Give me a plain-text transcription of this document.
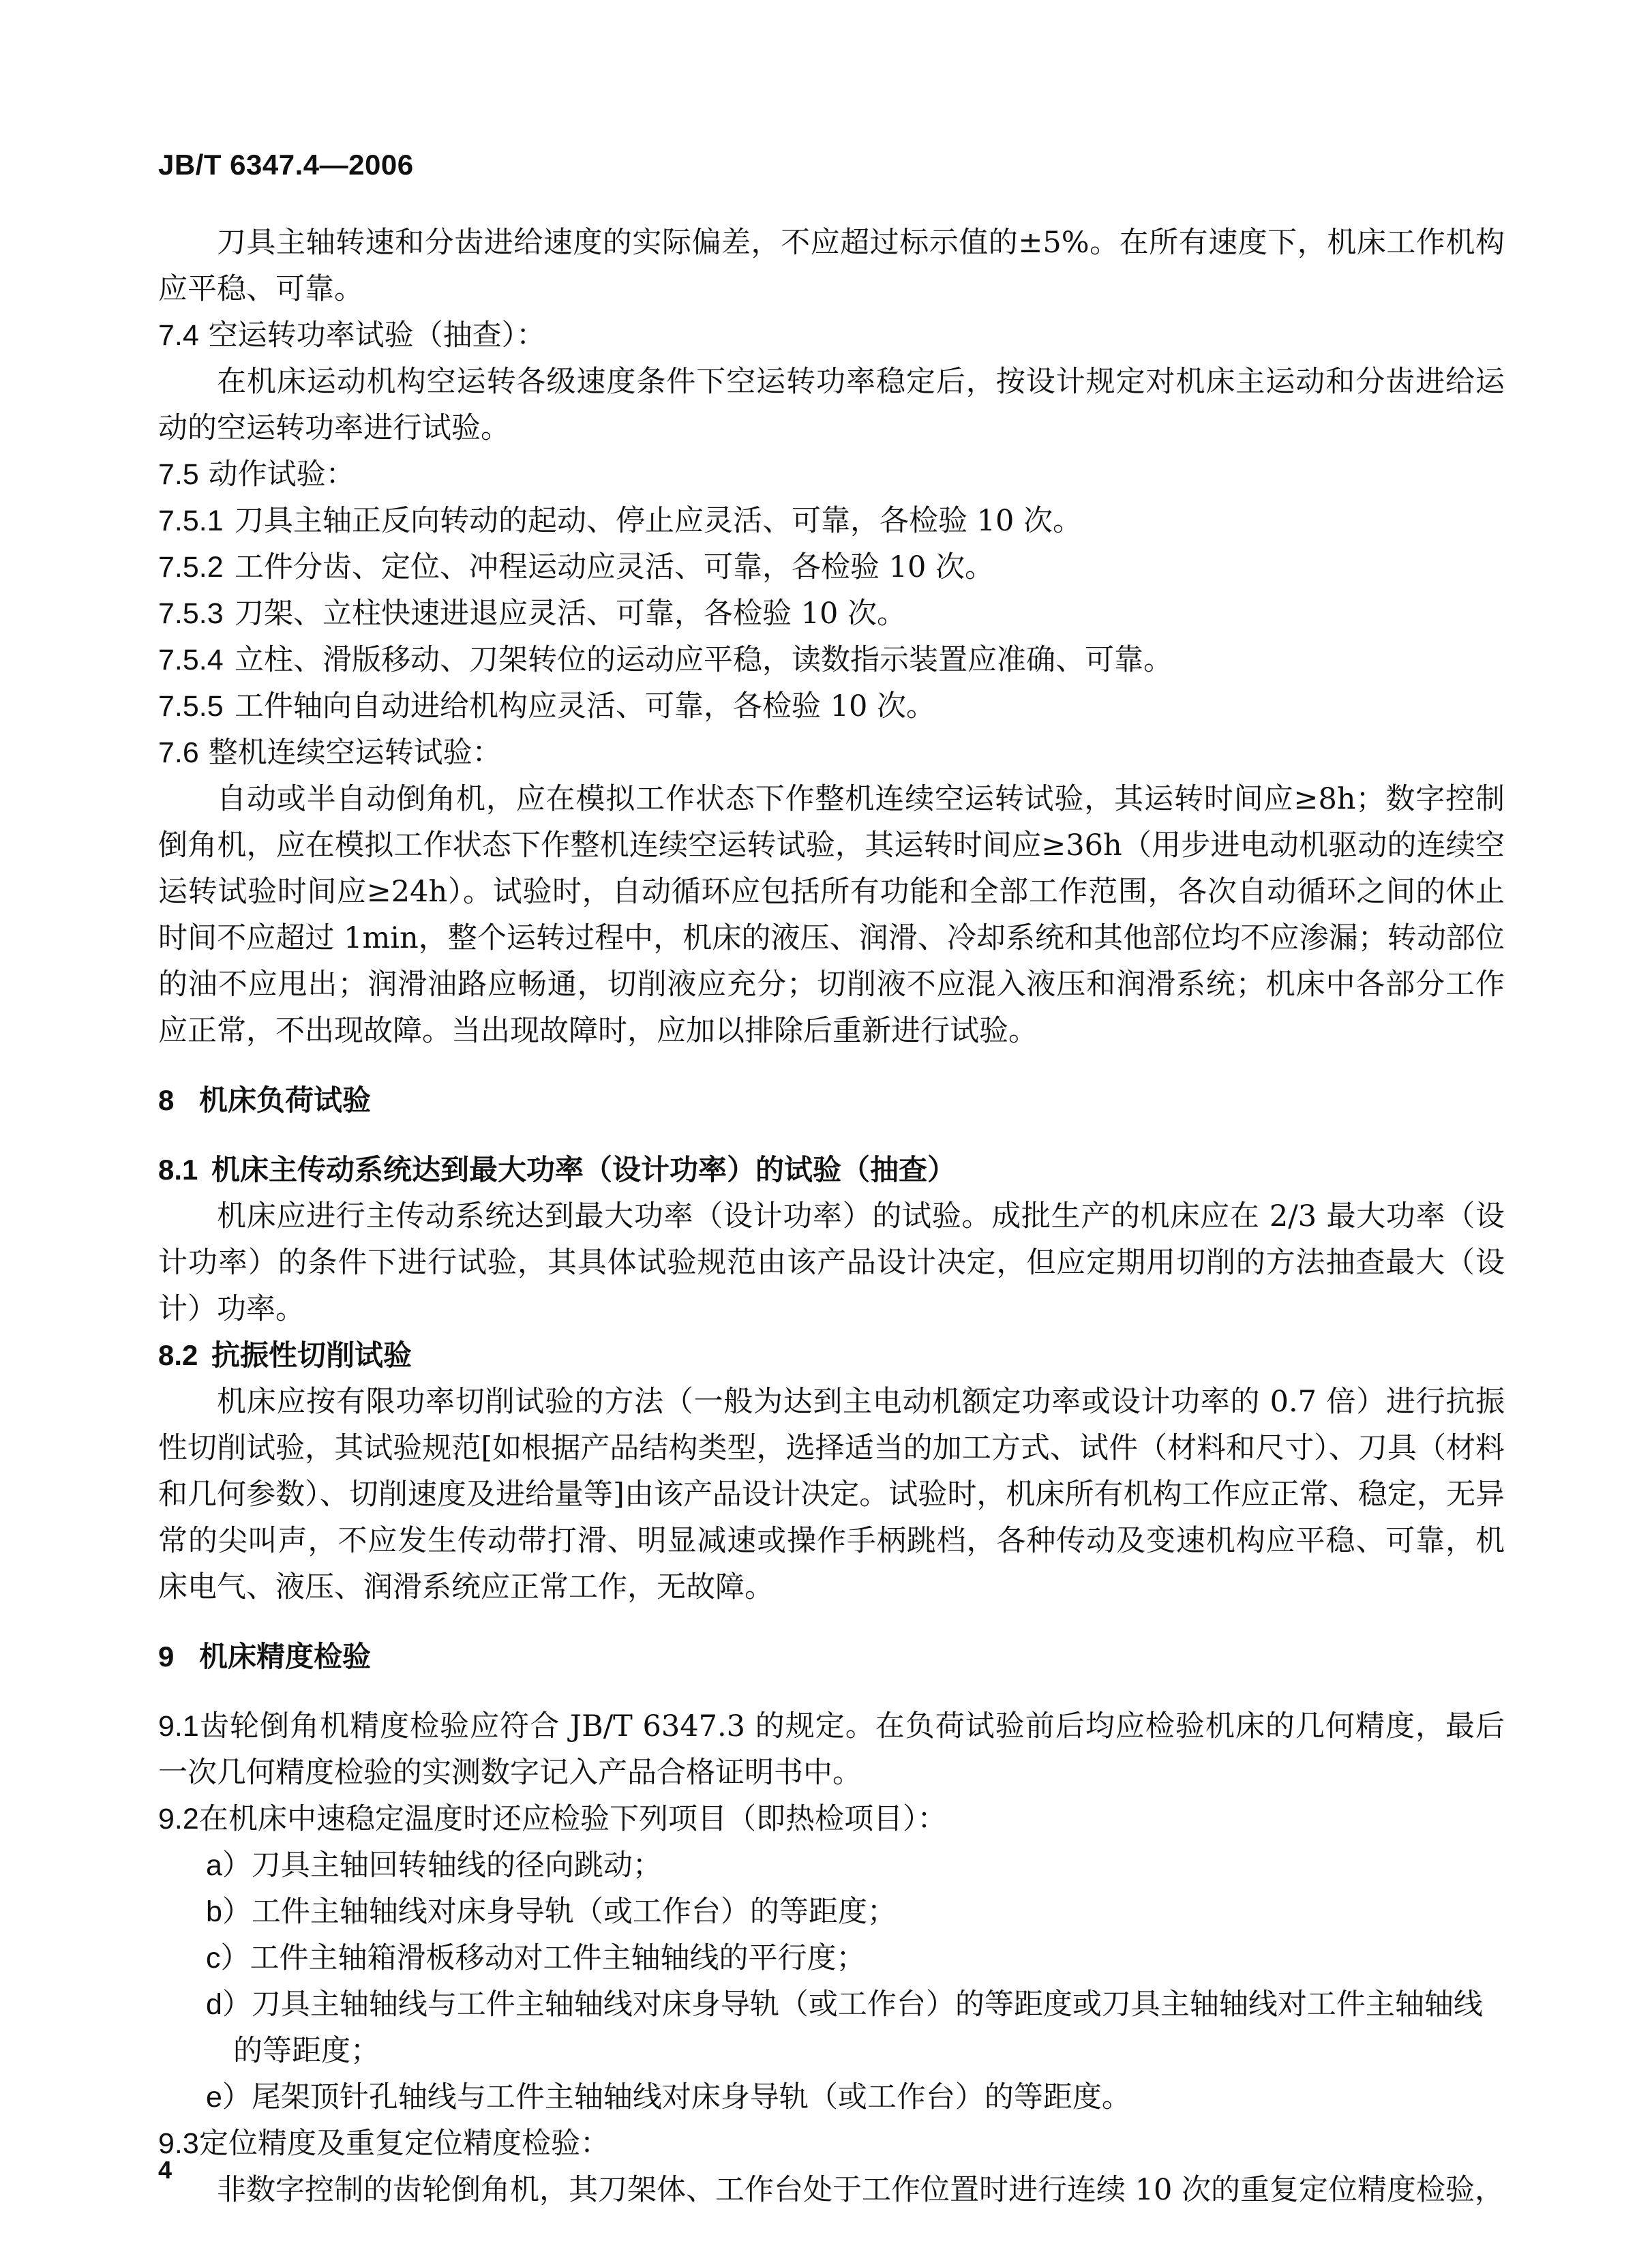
JB/T 6347.4—2006

刀具主轴转速和分齿进给速度的实际偏差，不应超过标示值的±5%。在所有速度下，机床工作机构应平稳、可靠。

7.4 空运转功率试验（抽查）：

在机床运动机构空运转各级速度条件下空运转功率稳定后，按设计规定对机床主运动和分齿进给运动的空运转功率进行试验。

7.5 动作试验：

7.5.1 刀具主轴正反向转动的起动、停止应灵活、可靠，各检验 10 次。

7.5.2 工件分齿、定位、冲程运动应灵活、可靠，各检验 10 次。

7.5.3 刀架、立柱快速进退应灵活、可靠，各检验 10 次。

7.5.4 立柱、滑版移动、刀架转位的运动应平稳，读数指示装置应准确、可靠。

7.5.5 工件轴向自动进给机构应灵活、可靠，各检验 10 次。

7.6 整机连续空运转试验：

自动或半自动倒角机，应在模拟工作状态下作整机连续空运转试验，其运转时间应≥8h；数字控制倒角机，应在模拟工作状态下作整机连续空运转试验，其运转时间应≥36h（用步进电动机驱动的连续空运转试验时间应≥24h）。试验时，自动循环应包括所有功能和全部工作范围，各次自动循环之间的休止时间不应超过 1min，整个运转过程中，机床的液压、润滑、冷却系统和其他部位均不应渗漏；转动部位的油不应甩出；润滑油路应畅通，切削液应充分；切削液不应混入液压和润滑系统；机床中各部分工作应正常，不出现故障。当出现故障时，应加以排除后重新进行试验。

8 机床负荷试验

8.1 机床主传动系统达到最大功率（设计功率）的试验（抽查）

机床应进行主传动系统达到最大功率（设计功率）的试验。成批生产的机床应在 2/3 最大功率（设计功率）的条件下进行试验，其具体试验规范由该产品设计决定，但应定期用切削的方法抽查最大（设计）功率。

8.2 抗振性切削试验

机床应按有限功率切削试验的方法（一般为达到主电动机额定功率或设计功率的 0.7 倍）进行抗振性切削试验，其试验规范[如根据产品结构类型，选择适当的加工方式、试件（材料和尺寸）、刀具（材料和几何参数）、切削速度及进给量等]由该产品设计决定。试验时，机床所有机构工作应正常、稳定，无异常的尖叫声，不应发生传动带打滑、明显减速或操作手柄跳档，各种传动及变速机构应平稳、可靠，机床电气、液压、润滑系统应正常工作，无故障。

9 机床精度检验

9.1齿轮倒角机精度检验应符合 JB/T 6347.3 的规定。在负荷试验前后均应检验机床的几何精度，最后一次几何精度检验的实测数字记入产品合格证明书中。

9.2在机床中速稳定温度时还应检验下列项目（即热检项目）：

a）刀具主轴回转轴线的径向跳动；

b）工件主轴轴线对床身导轨（或工作台）的等距度；

c）工件主轴箱滑板移动对工件主轴轴线的平行度；

d）刀具主轴轴线与工件主轴轴线对床身导轨（或工作台）的等距度或刀具主轴轴线对工件主轴轴线的等距度；

e）尾架顶针孔轴线与工件主轴轴线对床身导轨（或工作台）的等距度。

9.3定位精度及重复定位精度检验：

非数字控制的齿轮倒角机，其刀架体、工作台处于工作位置时进行连续 10 次的重复定位精度检验，

4
